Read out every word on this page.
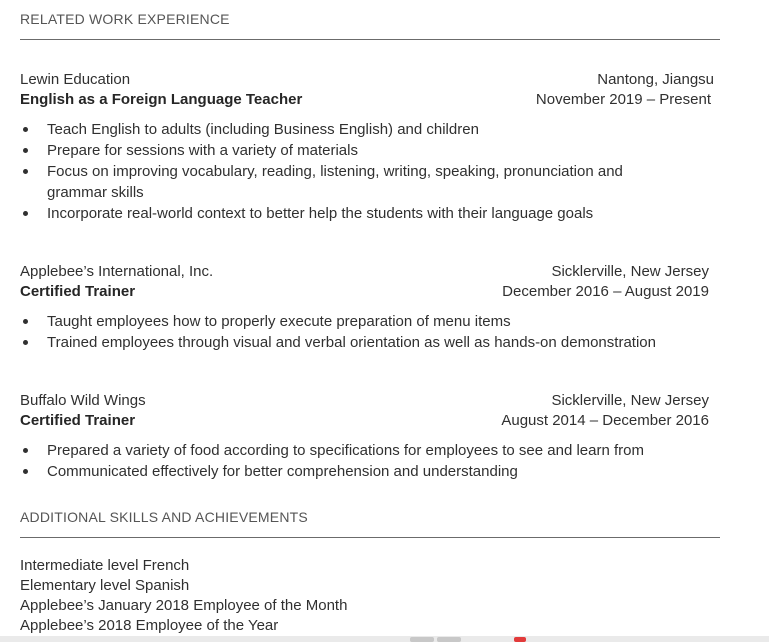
RELATED WORK EXPERIENCE
Lewin Education
English as a Foreign Language Teacher
Nantong, Jiangsu
November 2019 – Present
Teach English to adults (including Business English) and children
Prepare for sessions with a variety of materials
Focus on improving vocabulary, reading, listening, writing, speaking, pronunciation and grammar skills
Incorporate real-world context to better help the students with their language goals
Applebee’s International, Inc.
Certified Trainer
Sicklerville, New Jersey
December 2016 – August 2019
Taught employees how to properly execute preparation of menu items
Trained employees through visual and verbal orientation as well as hands-on demonstration
Buffalo Wild Wings
Certified Trainer
Sicklerville, New Jersey
August 2014 – December 2016
Prepared a variety of food according to specifications for employees to see and learn from
Communicated effectively for better comprehension and understanding
ADDITIONAL SKILLS AND ACHIEVEMENTS
Intermediate level French
Elementary level Spanish
Applebee’s January 2018 Employee of the Month
Applebee’s 2018 Employee of the Year
